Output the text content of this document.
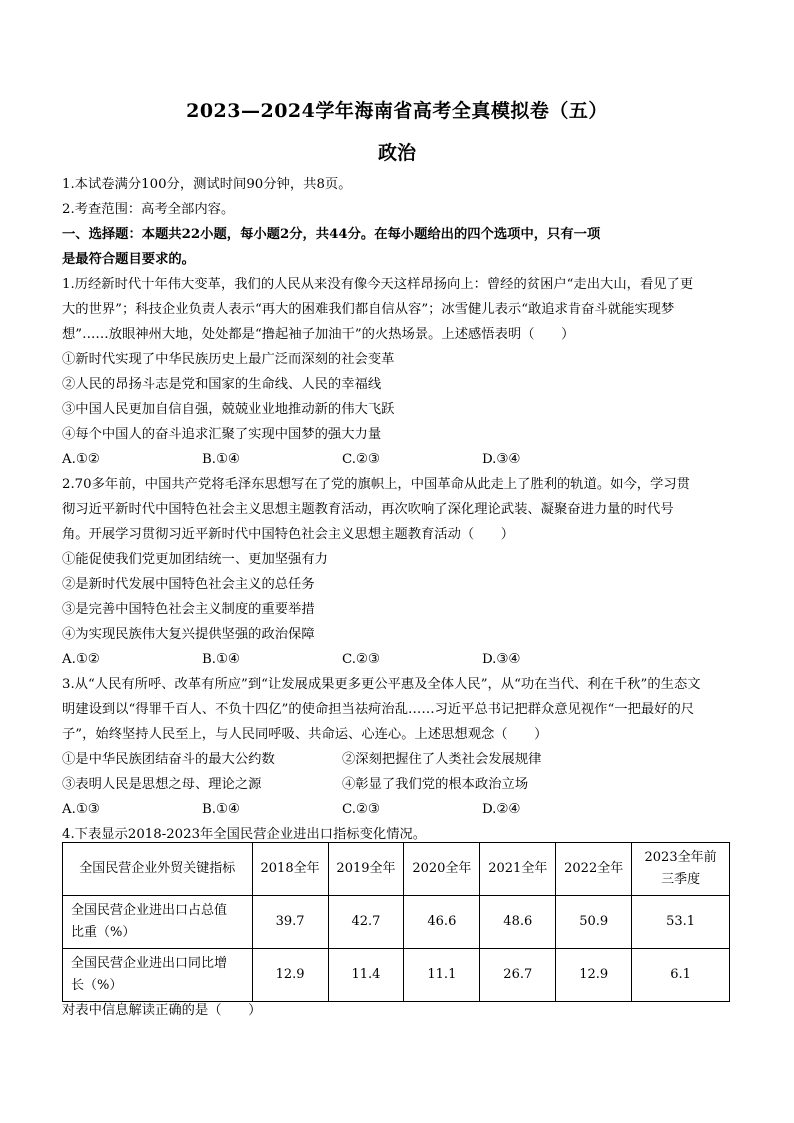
2023—2024学年海南省高考全真模拟卷（五）
政治
1.本试卷满分100分，测试时间90分钟，共8页。
2.考查范围：高考全部内容。
一、选择题：本题共22小题，每小题2分，共44分。在每小题给出的四个选项中，只有一项
是最符合题目要求的。
1.历经新时代十年伟大变革，我们的人民从来没有像今天这样昂扬向上：曾经的贫困户“走出大山，看见了更
大的世界”；科技企业负责人表示“再大的困难我们都自信从容”；冰雪健儿表示“敢追求肯奋斗就能实现梦
想”……放眼神州大地，处处都是“撸起袖子加油干”的火热场景。上述感悟表明（　　）
①新时代实现了中华民族历史上最广泛而深刻的社会变革
②人民的昂扬斗志是党和国家的生命线、人民的幸福线
③中国人民更加自信自强，兢兢业业地推动新的伟大飞跃
④每个中国人的奋斗追求汇聚了实现中国梦的强大力量
A.①②	B.①④	C.②③	D.③④
2.70多年前，中国共产党将毛泽东思想写在了党的旗帜上，中国革命从此走上了胜利的轨道。如今，学习贯
彻习近平新时代中国特色社会主义思想主题教育活动，再次吹响了深化理论武装、凝聚奋进力量的时代号
角。开展学习贯彻习近平新时代中国特色社会主义思想主题教育活动（　　）
①能促使我们党更加团结统一、更加坚强有力
②是新时代发展中国特色社会主义的总任务
③是完善中国特色社会主义制度的重要举措
④为实现民族伟大复兴提供坚强的政治保障
A.①②	B.①④	C.②③	D.③④
3.从“人民有所呼、改革有所应”到“让发展成果更多更公平惠及全体人民”，从“功在当代、利在千秋”的生态文
明建设到以“得罪千百人、不负十四亿”的使命担当祛疴治乱……习近平总书记把群众意见视作“一把最好的尺
子”，始终坚持人民至上，与人民同呼吸、共命运、心连心。上述思想观念（　　）
①是中华民族团结奋斗的最大公约数	②深刻把握住了人类社会发展规律
③表明人民是思想之母、理论之源	④彰显了我们党的根本政治立场
A.①③	B.①④	C.②③	D.②④
4.下表显示2018-2023年全国民营企业进出口指标变化情况。
全国民营企业外贸关键指标	2018全年	2019全年	2020全年	2021全年	2022全年	2023全年前
三季度

全国民营企业进出口占总值
比重（%）	39.7	42.7	46.6	48.6	50.9	53.1

全国民营企业进出口同比增
长（%）	12.9	11.4	11.1	26.7	12.9	6.1
对表中信息解读正确的是（　　）
